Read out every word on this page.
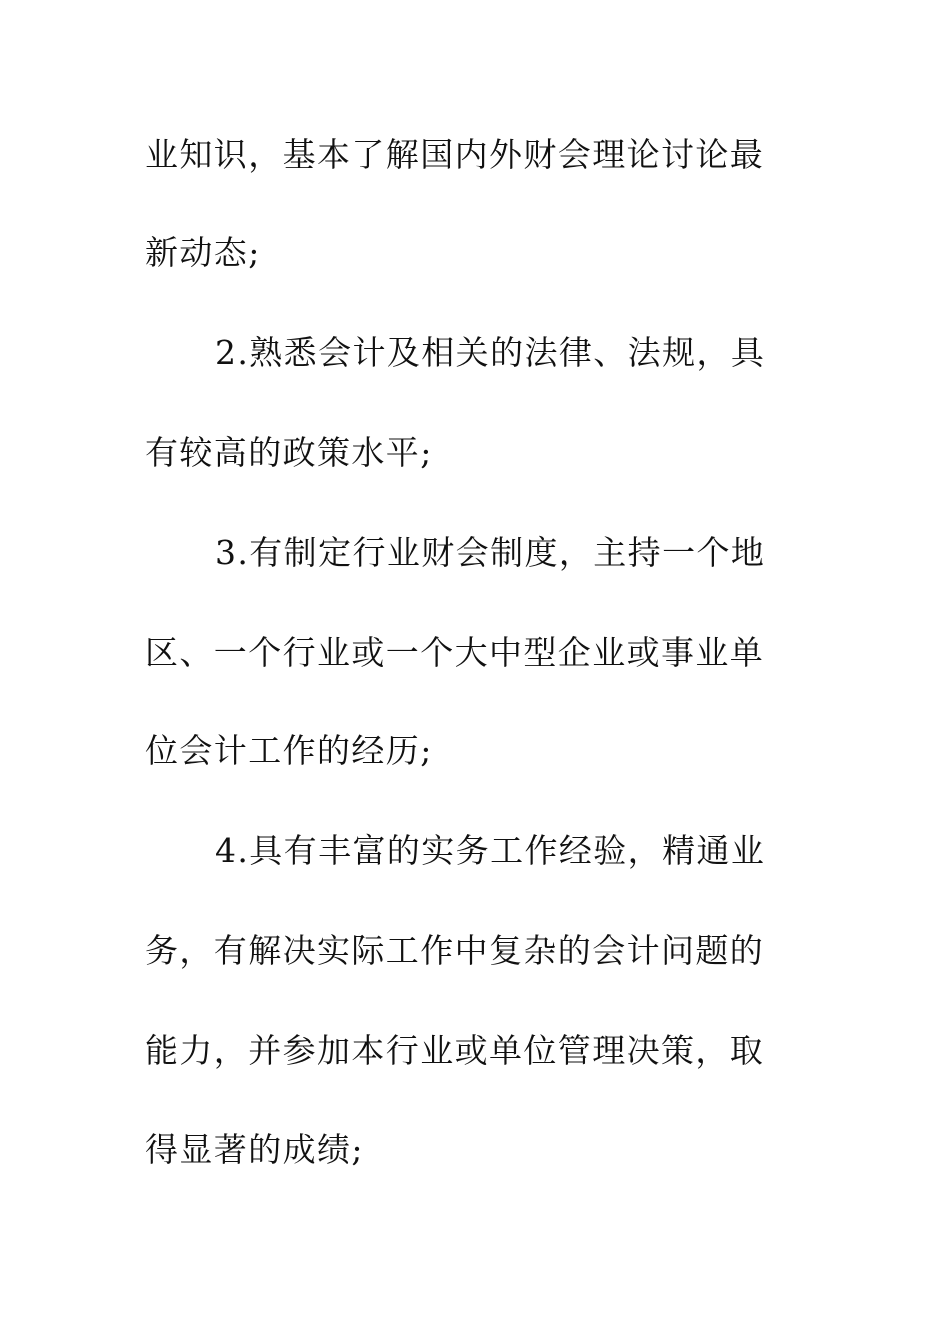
业知识，基本了解国内外财会理论讨论最
新动态;
2.熟悉会计及相关的法律、法规，具
有较高的政策水平;
3.有制定行业财会制度，主持一个地
区、一个行业或一个大中型企业或事业单
位会计工作的经历;
4.具有丰富的实务工作经验，精通业
务，有解决实际工作中复杂的会计问题的
能力，并参加本行业或单位管理决策，取
得显著的成绩;
